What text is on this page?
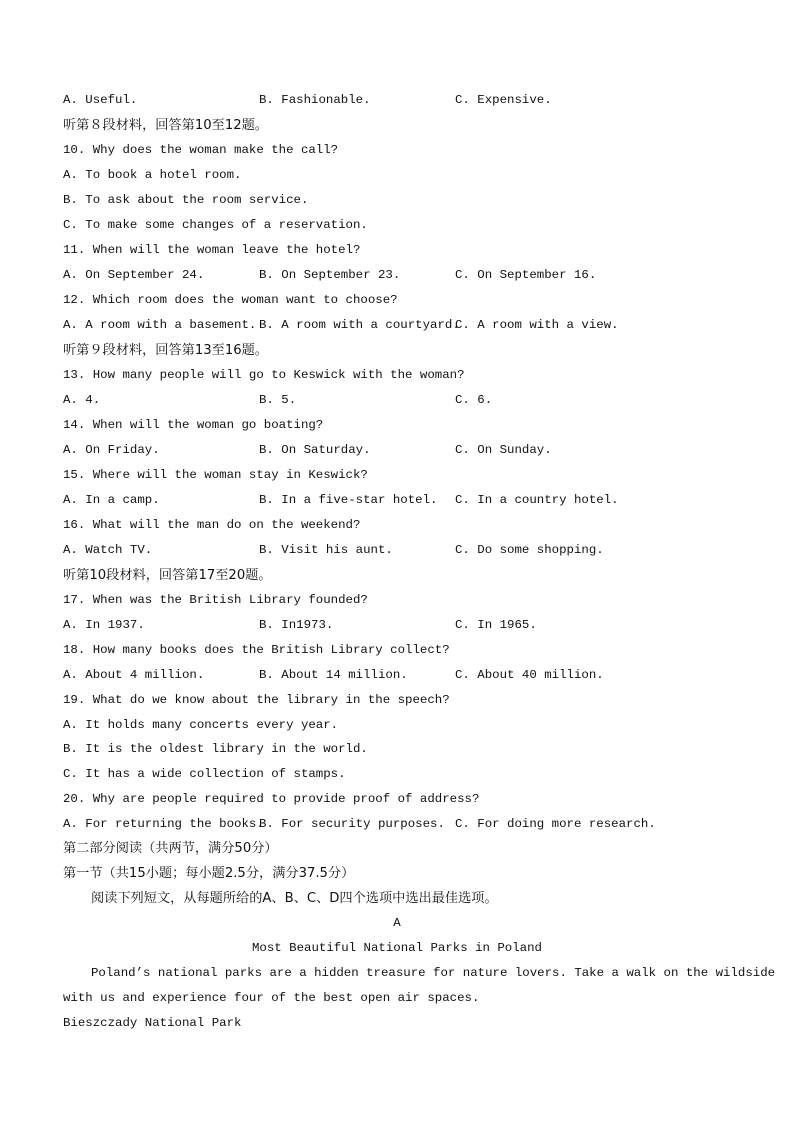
A. Useful.	B. Fashionable.	C. Expensive.
听第８段材料，回答第10至12题。
10. Why does the woman make the call?
A. To book a hotel room.
B. To ask about the room service.
C. To make some changes of a reservation.
11. When will the woman leave the hotel?
A. On September 24.	B. On September 23.	C. On September 16.
12. Which room does the woman want to choose?
A. A room with a basement. B. A room with a courtyard.
C. A room with a view.
听第９段材料，回答第13至16题。
13. How many people will go to Keswick with the woman?
A. 4.	B. 5.	C. 6.
14. When will the woman go boating?
A. On Friday.	B. On Saturday.	C. On Sunday.
15. Where will the woman stay in Keswick?
A. In a camp.	B. In a five-star hotel. C. In a country hotel.
16. What will the man do on the weekend?
A. Watch TV.	B. Visit his aunt.	C. Do some shopping.
听第10段材料，回答第17至20题。
17. When was the British Library founded?
A. In 1937.	B. In1973.	C. In 1965.
18. How many books does the British Library collect?
A. About 4 million.	B. About 14 million.	C. About 40 million.
19. What do we know about the library in the speech?
A. It holds many concerts every year.
B. It is the oldest library in the world.
C. It has a wide collection of stamps.
20. Why are people required to provide proof of address?
A. For returning the books.
B. For security purposes. C. For doing more research.
第二部分阅读（共两节，满分50分）
第一节（共15小题；每小题2.5分，满分37.5分）
阅读下列短文，从每题所给的A、B、C、D四个选项中选出最佳选项。
A
Most Beautiful National Parks in Poland
Poland’s national parks are a hidden treasure for nature lovers. Take a walk on the wildside
with us and experience four of the best open air spaces.
Bieszczady National Park
